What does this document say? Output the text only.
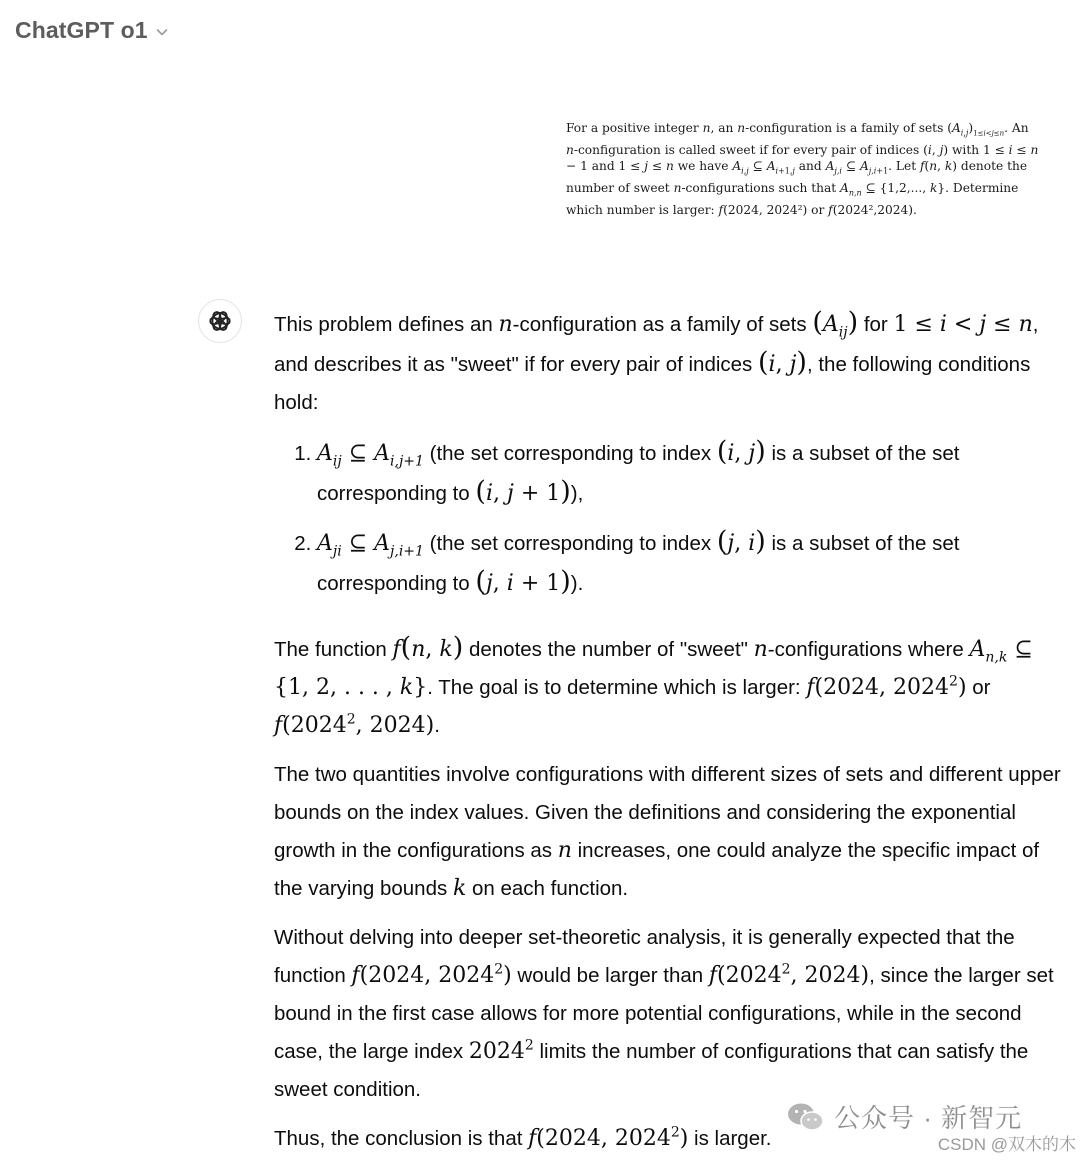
ChatGPT o1
For a positive integer n, an n-configuration is a family of sets $(A_{i,j})_{1\le i<j\le n}$. An n-configuration is called sweet if for every pair of indices (i, j) with 1 ≤ i ≤ n − 1 and 1 ≤ j ≤ n we have $A_{i,j}$ ⊆ $A_{i+1,j}$ and $A_{j,i}$ ⊆ $A_{j,i+1}$. Let f(n, k) denote the number of sweet n-configurations such that $A_{n,n}$ ⊆ {1,2,..., k}. Determine which number is larger: f(2024, 2024²) or f(2024²,2024).

This problem defines an n-configuration as a family of sets $(A_{ij})$ for 1 ≤ i < j ≤ n, and describes it as "sweet" if for every pair of indices (i, j), the following conditions hold:

1. $A_{ij}$ ⊆ $A_{i,j+1}$ (the set corresponding to index (i, j) is a subset of the set corresponding to (i, j + 1)),
2. $A_{ji}$ ⊆ $A_{j,i+1}$ (the set corresponding to index (j, i) is a subset of the set corresponding to (j, i + 1)).

The function f(n, k) denotes the number of "sweet" n-configurations where $A_{n,k}$ ⊆ {1, 2, . . . , k}. The goal is to determine which is larger: f(2024, 2024$^2$) or f(2024$^2$, 2024).

The two quantities involve configurations with different sizes of sets and different upper bounds on the index values. Given the definitions and considering the exponential growth in the configurations as n increases, one could analyze the specific impact of the varying bounds k on each function.

Without delving into deeper set-theoretic analysis, it is generally expected that the function f(2024, 2024$^2$) would be larger than f(2024$^2$, 2024), since the larger set bound in the first case allows for more potential configurations, while in the second case, the large index 2024$^2$ limits the number of configurations that can satisfy the sweet condition.

Thus, the conclusion is that f(2024, 2024$^2$) is larger.

公众号 · 新智元
CSDN @双木的木
